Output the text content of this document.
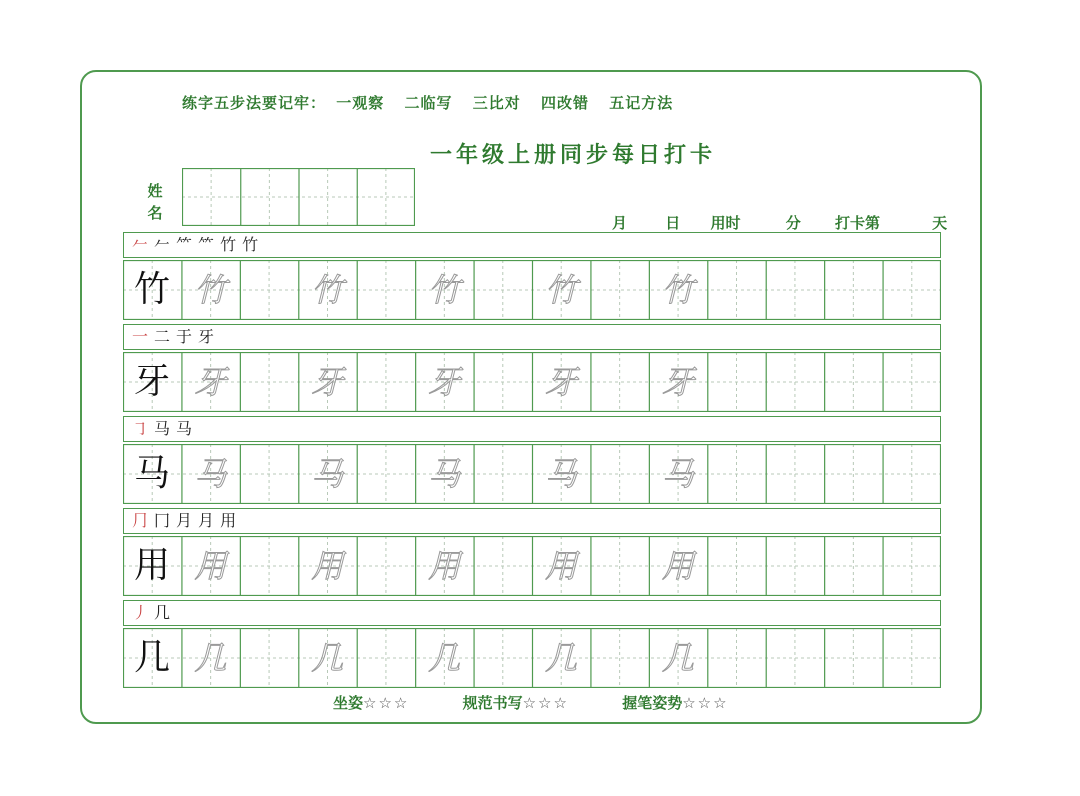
练字五步法要记牢： 一观察 二临写 三比对 四改错 五记方法
一年级上册同步每日打卡
姓
名
月	日 用时	分 打卡第	天
𠂉 𠂉 ⺮ ⺮ 竹 竹
竹 竹	竹	竹	竹	竹
一 二 于 牙
牙 牙	牙	牙	牙	牙
㇆ 马 马
马 马	马	马	马	马
⺆ 冂 月 月 用
用 用	用	用	用	用
丿 几
几 几	几	几	几	几
坐姿☆☆☆	规范书写☆☆☆	握笔姿势☆☆☆
